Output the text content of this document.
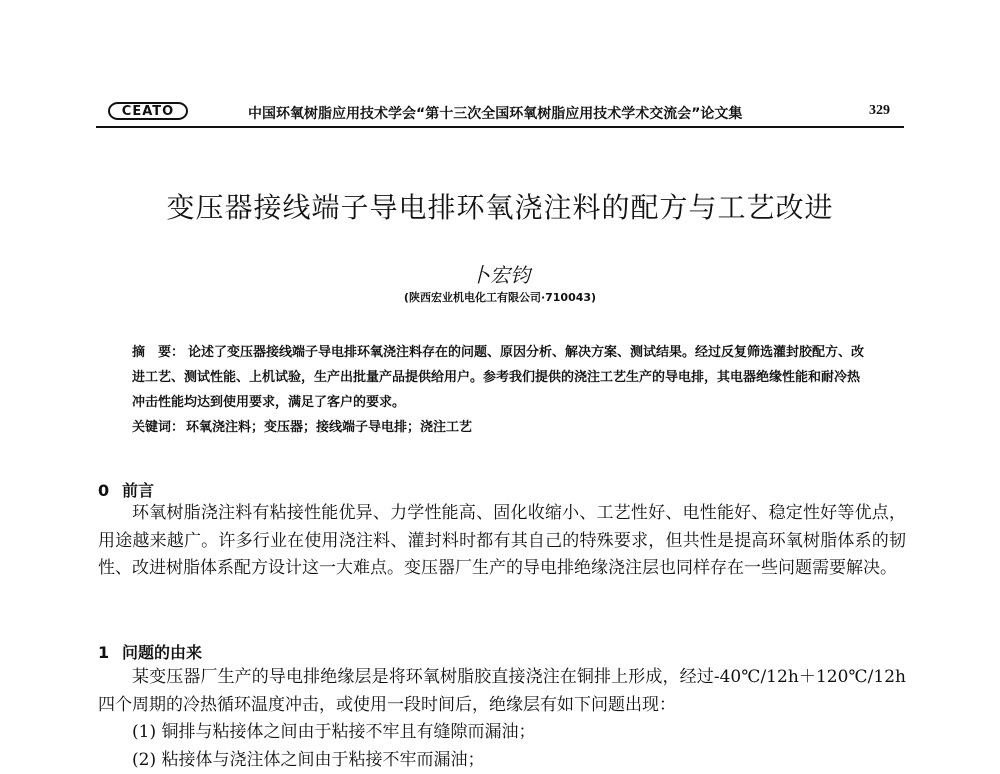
CEATO	中国环氧树脂应用技术学会“第十三次全国环氧树脂应用技术学术交流会”论文集	329
变压器接线端子导电排环氧浇注料的配方与工艺改进
卜宏钧
(陕西宏业机电化工有限公司·710043)

摘　要： 论述了变压器接线端子导电排环氧浇注料存在的问题、原因分析、解决方案、测试结果。经过反复筛选灌封胶配方、改进工艺、测试性能、上机试验，生产出批量产品提供给用户。参考我们提供的浇注工艺生产的导电排，其电器绝缘性能和耐冷热冲击性能均达到使用要求，满足了客户的要求。

关键词： 环氧浇注料；变压器；接线端子导电排；浇注工艺

0 前言

环氧树脂浇注料有粘接性能优异、力学性能高、固化收缩小、工艺性好、电性能好、稳定性好等优点，用途越来越广。许多行业在使用浇注料、灌封料时都有其自己的特殊要求，但共性是提高环氧树脂体系的韧性、改进树脂体系配方设计这一大难点。变压器厂生产的导电排绝缘浇注层也同样存在一些问题需要解决。

1 问题的由来

某变压器厂生产的导电排绝缘层是将环氧树脂胶直接浇注在铜排上形成，经过-40℃/12h＋120℃/12h 四个周期的冷热循环温度冲击，或使用一段时间后，绝缘层有如下问题出现：

(1) 铜排与粘接体之间由于粘接不牢且有缝隙而漏油；

(2) 粘接体与浇注体之间由于粘接不牢而漏油；
